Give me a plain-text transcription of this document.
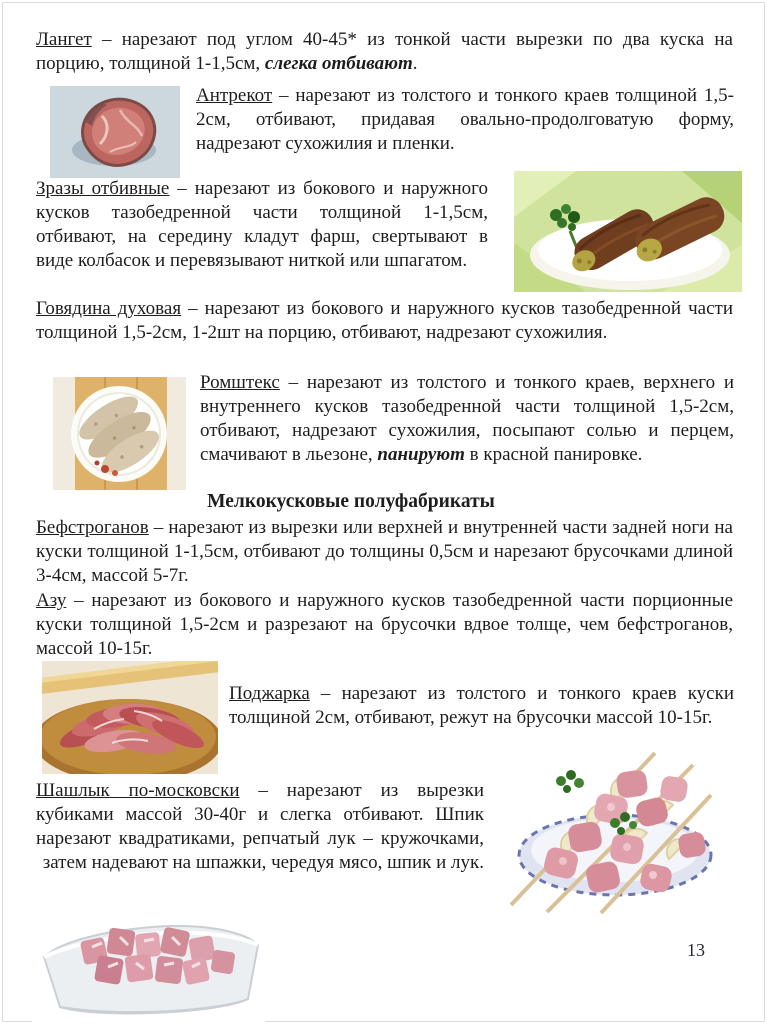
Лангет – нарезают под углом 40-45* из тонкой части вырезки по два куска на порцию, толщиной 1-1,5см, слегка отбивают.

Антрекот – нарезают из толстого и тонкого краев толщиной 1,5-2см, отбивают, придавая овально-продолговатую форму, надрезают сухожилия и пленки.

Зразы отбивные – нарезают из бокового и наружного кусков тазобедренной части толщиной 1-1,5см, отбивают, на середину кладут фарш, свертывают в виде колбасок и перевязывают ниткой или шпагатом.

Говядина духовая – нарезают из бокового и наружного кусков тазобедренной части толщиной 1,5-2см, 1-2шт на порцию, отбивают, надрезают сухожилия.

Ромштекс – нарезают из толстого и тонкого краев, верхнего и внутреннего кусков тазобедренной части толщиной 1,5-2см, отбивают, надрезают сухожилия, посыпают солью и перцем, смачивают в льезоне, панируют в красной панировке.

Мелкокусковые полуфабрикаты

Бефстроганов – нарезают из вырезки или верхней и внутренней части задней ноги на куски толщиной 1-1,5см, отбивают до толщины 0,5см и нарезают брусочками длиной 3-4см, массой 5-7г.

Азу – нарезают из бокового и наружного кусков тазобедренной части порционные куски толщиной 1,5-2см и разрезают на брусочки вдвое толще, чем бефстроганов, массой 10-15г.

Поджарка – нарезают из толстого и тонкого краев куски толщиной 2см, отбивают, режут на брусочки массой 10-15г.

Шашлык по-московски – нарезают из вырезки кубиками массой 30-40г и слегка отбивают. Шпик нарезают квадратиками, репчатый лук – кружочками, затем надевают на шпажки, чередуя мясо, шпик и лук.

13
